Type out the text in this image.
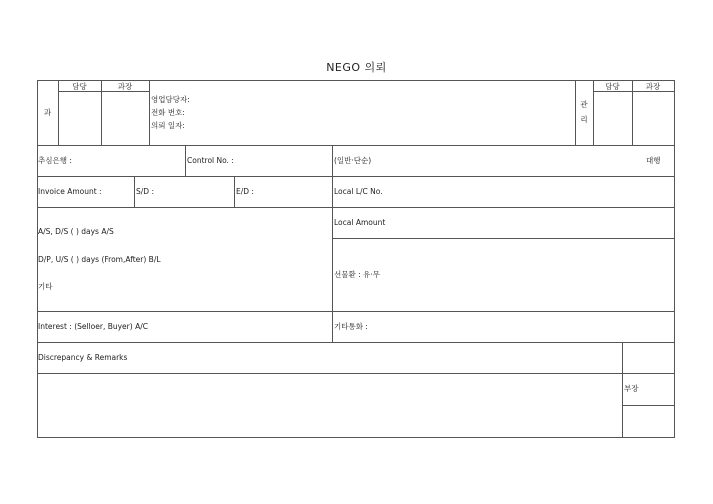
NEGO 의뢰
과
담당	과장
영업담당자:
전화 번호:
의뢰 일자:
관
리
담당	과장
추심은행 :	Control No. :	(일반·단순)	대행
Invoice Amount :	S/D :	E/D :	Local L/C No.
A/S, D/S ( ) days A/S
D/P, U/S ( ) days (From,After) B/L
기타
Local Amount
선물환 : 유·무
Interest : (Selloer, Buyer) A/C	기타통화 :
Discrepancy & Remarks
부장
